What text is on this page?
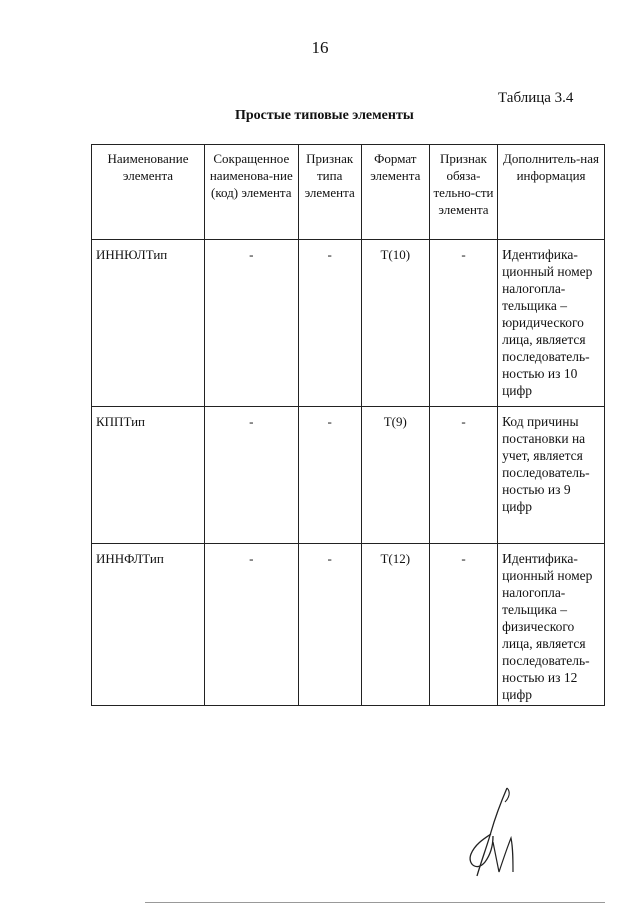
16
Таблица 3.4
Простые типовые элементы
Наименование элемента	Сокращенное наименова-ние (код) элемента	Признак типа элемента	Формат элемента	Признак обяза-тельно-сти элемента	Дополнитель-ная информация
ИННЮЛТип	-	-	T(10)	-	Идентифика-ционный номер налогопла-тельщика – юридического лица, является последователь-ностью из 10 цифр
КППТип	-	-	T(9)	-	Код причины постановки на учет, является последователь-ностью из 9 цифр
ИННФЛТип	-	-	T(12)	-	Идентифика-ционный номер налогопла-тельщика – физического лица, является последователь-ностью из 12 цифр
